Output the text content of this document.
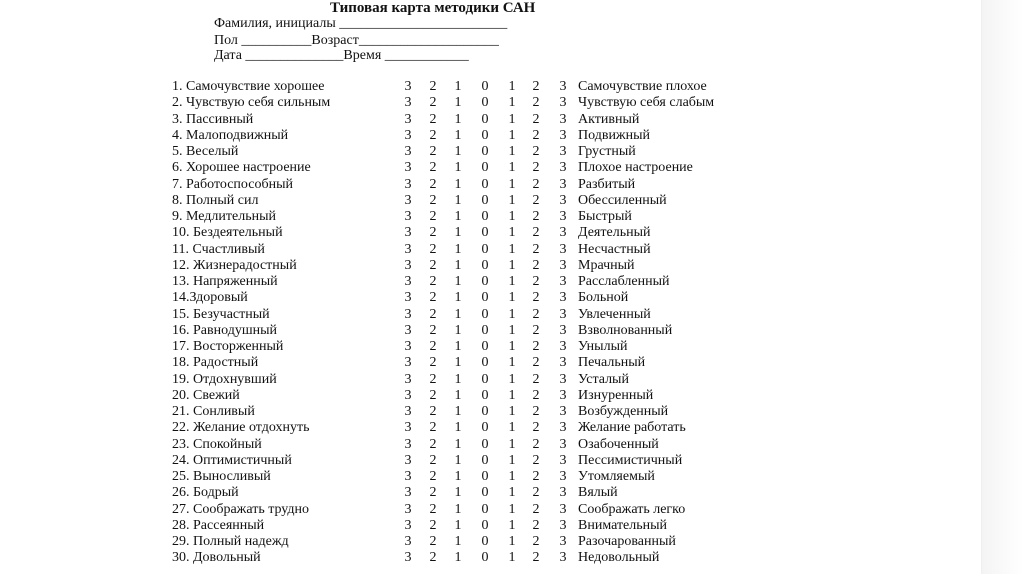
Типовая карта методики САН
Фамилия, инициалы ________________________
Пол __________Возраст____________________
Дата ______________Время ____________
1. Самочувствие хорошее	3 2 1 0 1 2 3 Самочувствие плохое
2. Чувствую себя сильным	3 2 1 0 1 2 3 Чувствую себя слабым
3. Пассивный	3 2 1 0 1 2 3 Активный
4. Малоподвижный	3 2 1 0 1 2 3 Подвижный
5. Веселый	3 2 1 0 1 2 3 Грустный
6. Хорошее настроение	3 2 1 0 1 2 3 Плохое настроение
7. Работоспособный	3 2 1 0 1 2 3 Разбитый
8. Полный сил	3 2 1 0 1 2 3 Обессиленный
9. Медлительный	3 2 1 0 1 2 3 Быстрый
10. Бездеятельный	3 2 1 0 1 2 3 Деятельный
11. Счастливый	3 2 1 0 1 2 3 Несчастный
12. Жизнерадостный	3 2 1 0 1 2 3 Мрачный
13. Напряженный	3 2 1 0 1 2 3 Расслабленный
14.Здоровый	3 2 1 0 1 2 3 Больной
15. Безучастный	3 2 1 0 1 2 3 Увлеченный
16. Равнодушный	3 2 1 0 1 2 3 Взволнованный
17. Восторженный	3 2 1 0 1 2 3 Унылый
18. Радостный	3 2 1 0 1 2 3 Печальный
19. Отдохнувший	3 2 1 0 1 2 3 Усталый
20. Свежий	3 2 1 0 1 2 3 Изнуренный
21. Сонливый	3 2 1 0 1 2 3 Возбужденный
22. Желание отдохнуть	3 2 1 0 1 2 3 Желание работать
23. Спокойный	3 2 1 0 1 2 3 Озабоченный
24. Оптимистичный	3 2 1 0 1 2 3 Пессимистичный
25. Выносливый	3 2 1 0 1 2 3 Утомляемый
26. Бодрый	3 2 1 0 1 2 3 Вялый
27. Соображать трудно	3 2 1 0 1 2 3 Соображать легко
28. Рассеянный	3 2 1 0 1 2 3 Внимательный
29. Полный надежд	3 2 1 0 1 2 3 Разочарованный
30. Довольный	3 2 1 0 1 2 3 Недовольный
